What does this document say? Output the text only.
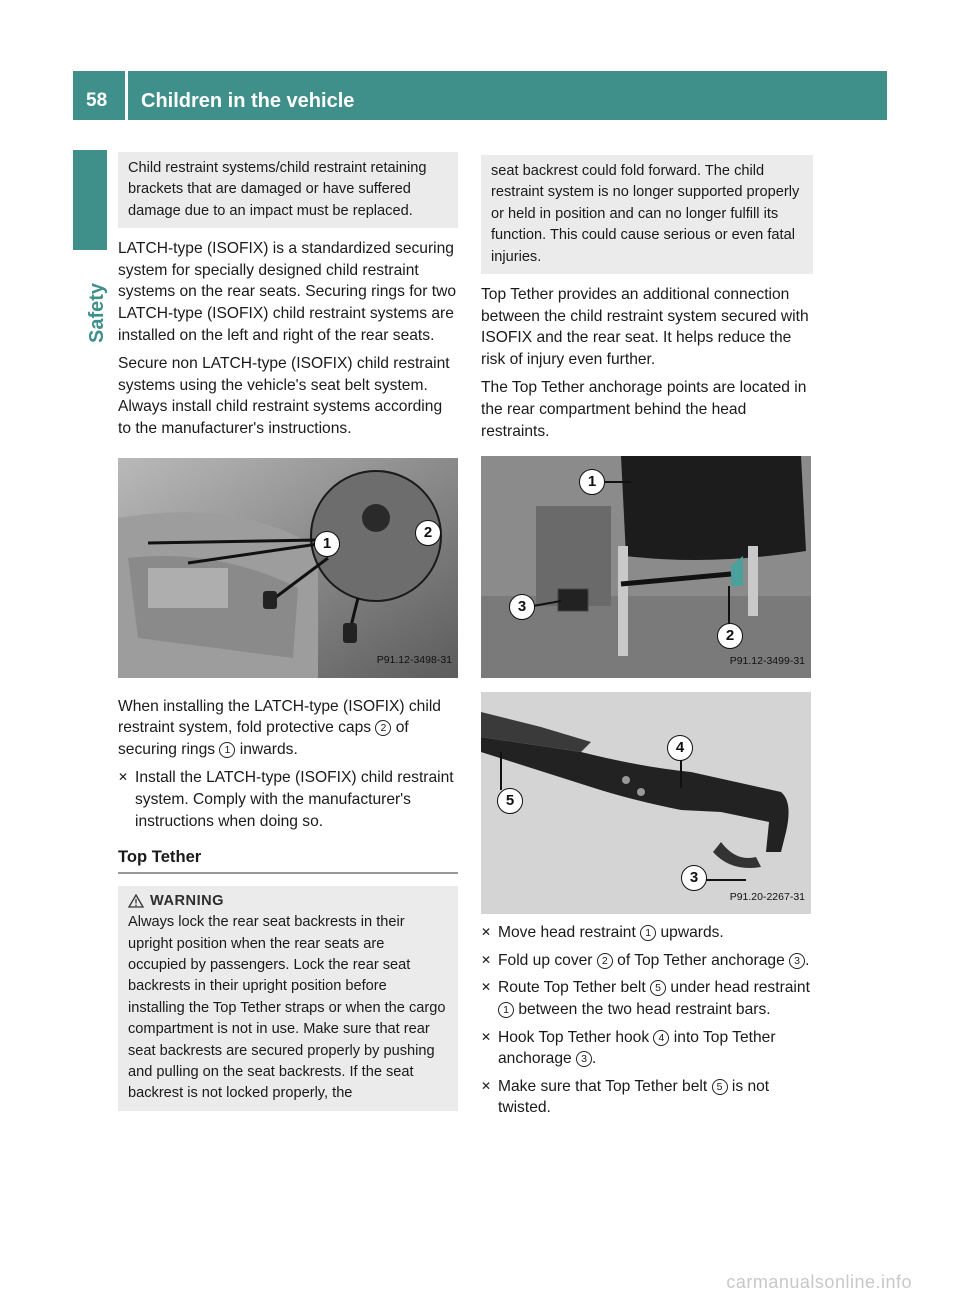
58 Children in the vehicle
Safety
Child restraint systems/child restraint retaining brackets that are damaged or have suffered damage due to an impact must be replaced.

LATCH-type (ISOFIX) is a standardized securing system for specially designed child restraint systems on the rear seats. Securing rings for two LATCH-type (ISOFIX) child restraint systems are installed on the left and right of the rear seats.

Secure non LATCH-type (ISOFIX) child restraint systems using the vehicle's seat belt system. Always install child restraint systems according to the manufacturer's instructions.

1
2
P91.12-3498-31

When installing the LATCH-type (ISOFIX) child restraint system, fold protective caps 2 of securing rings 1 inwards.

✕ Install the LATCH-type (ISOFIX) child restraint system. Comply with the manufacturer's instructions when doing so.
Top Tether
WARNING
Always lock the rear seat backrests in their upright position when the rear seats are occupied by passengers. Lock the rear seat backrests in their upright position before installing the Top Tether straps or when the cargo compartment is not in use. Make sure that rear seat backrests are secured properly by pushing and pulling on the seat backrests. If the seat backrest is not locked properly, the
seat backrest could fold forward. The child restraint system is no longer supported properly or held in position and can no longer fulfill its function. This could cause serious or even fatal injuries.

Top Tether provides an additional connection between the child restraint system secured with ISOFIX and the rear seat. It helps reduce the risk of injury even further.

The Top Tether anchorage points are located in the rear compartment behind the head restraints.

1
2
3
P91.12-3499-31
4
5
3
P91.20-2267-31
✕ Move head restraint 1 upwards.
✕ Fold up cover 2 of Top Tether anchorage 3 .
✕ Route Top Tether belt 5 under head restraint 1 between the two head restraint bars.
✕ Hook Top Tether hook 4 into Top Tether anchorage 3 .
✕ Make sure that Top Tether belt 5 is not twisted.
carmanualsonline.info
